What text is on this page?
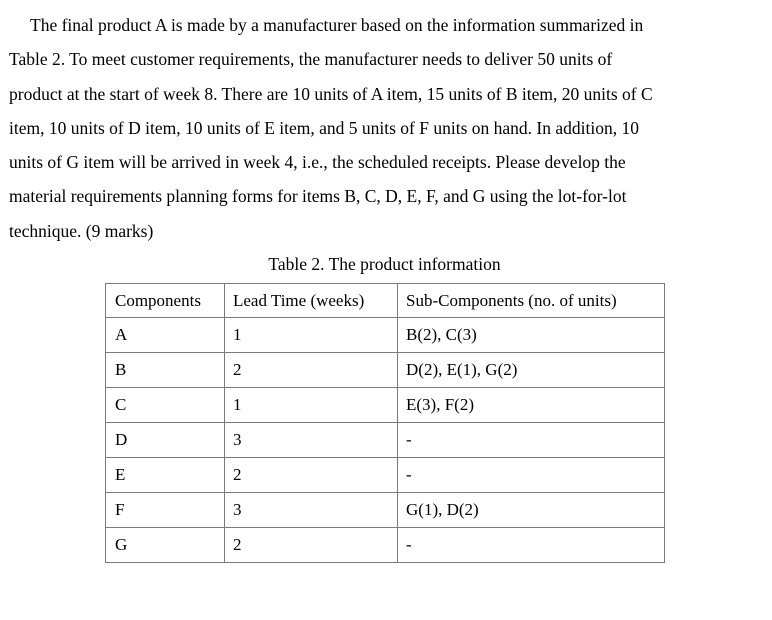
The final product A is made by a manufacturer based on the information summarized in
Table 2. To meet customer requirements, the manufacturer needs to deliver 50 units of
product at the start of week 8. There are 10 units of A item, 15 units of B item, 20 units of C
item, 10 units of D item, 10 units of E item, and 5 units of F units on hand. In addition, 10
units of G item will be arrived in week 4, i.e., the scheduled receipts. Please develop the
material requirements planning forms for items B, C, D, E, F, and G using the lot-for-lot
technique. (9 marks)
Table 2. The product information
Components	Lead Time (weeks)	Sub-Components (no. of units)
A	1	B(2), C(3)
B	2	D(2), E(1), G(2)
C	1	E(3), F(2)
D	3	-
E	2	-
F	3	G(1), D(2)
G	2	-
